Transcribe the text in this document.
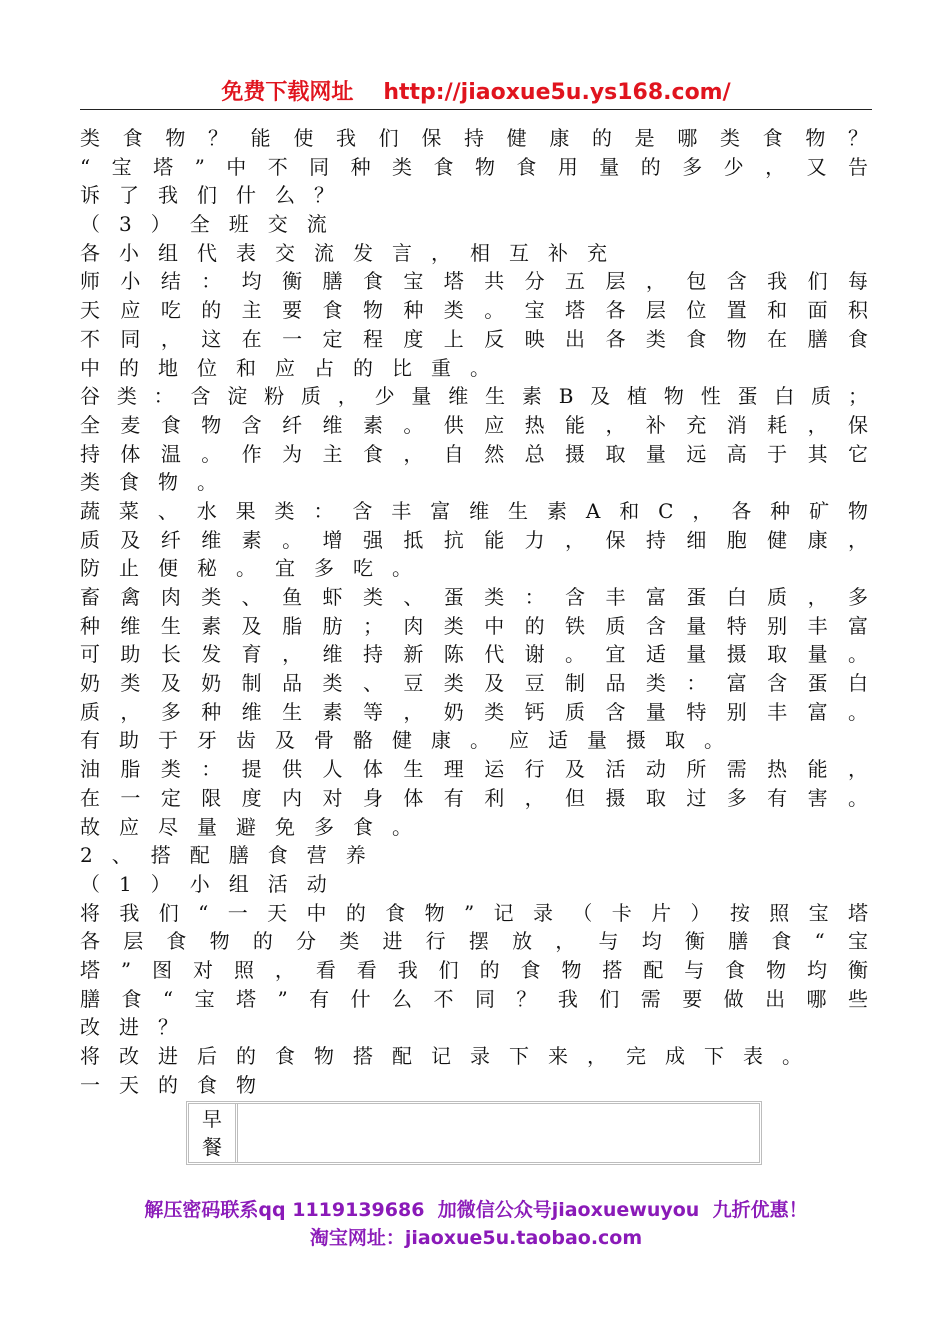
免费下载网址 http://jiaoxue5u.ys168.com/
类食物？能使我们保持健康的是哪类食物？
“宝塔”中不同种类食物食用量的多少，又告
诉了我们什么？
（3）全班交流
各小组代表交流发言，相互补充
师小结：均衡膳食宝塔共分五层，包含我们每
天应吃的主要食物种类。宝塔各层位置和面积
不同，这在一定程度上反映出各类食物在膳食
中的地位和应占的比重。
谷类：含淀粉质，少量维生素B及植物性蛋白质；
全麦食物含纤维素。供应热能，补充消耗，保
持体温。作为主食，自然总摄取量远高于其它
类食物。
蔬菜、水果类：含丰富维生素A和C，各种矿物
质及纤维素。增强抵抗能力，保持细胞健康，
防止便秘。宜多吃。
畜禽肉类、鱼虾类、蛋类：含丰富蛋白质，多
种维生素及脂肪；肉类中的铁质含量特别丰富
可助长发育，维持新陈代谢。宜适量摄取量。
奶类及奶制品类、豆类及豆制品类：富含蛋白
质，多种维生素等，奶类钙质含量特别丰富。
有助于牙齿及骨骼健康。应适量摄取。
油脂类：提供人体生理运行及活动所需热能，
在一定限度内对身体有利，但摄取过多有害。
故应尽量避免多食。
2、搭配膳食营养
（1）小组活动
将我们“一天中的食物”记录（卡片）按照宝塔
各层食物的分类进行摆放，与均衡膳食“宝
塔”图对照，看看我们的食物搭配与食物均衡
膳食“宝塔”有什么不同？我们需要做出哪些
改进？
将改进后的食物搭配记录下来，完成下表。
一天的食物
早
餐
解压密码联系qq 1119139686 加微信公众号jiaoxuewuyou 九折优惠！
淘宝网址：jiaoxue5u.taobao.com
